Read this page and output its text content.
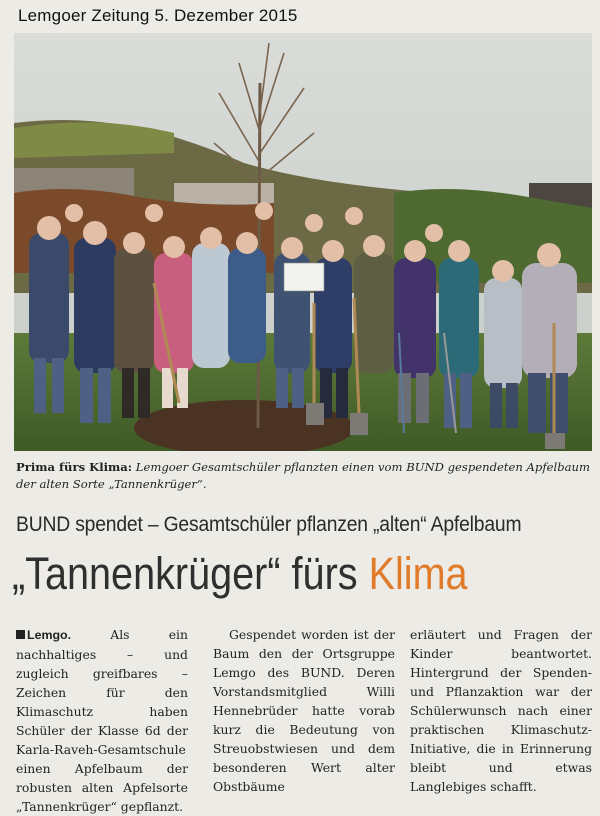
Lemgoer Zeitung 5. Dezember 2015
Prima fürs Klima: Lemgoer Gesamtschüler pflanzten einen vom BUND gespendeten Apfelbaum der alten Sorte „Tannenkrüger“.
BUND spendet – Gesamtschüler pflanzen „alten“ Apfelbaum
„Tannenkrüger“ fürs Klima

Lemgo. Als ein nachhaltiges – und zugleich greifbares – Zeichen für den Klimaschutz haben Schüler der Klasse 6d der Karla-Raveh-Gesamtschule einen Apfelbaum der robusten alten Apfelsorte „Tannenkrüger“ gepflanzt.

Gespendet worden ist der Baum den der Ortsgruppe Lemgo des BUND. Deren Vorstandsmitglied Willi Hennebrüder hatte vorab kurz die Bedeutung von Streuobstwiesen und dem besonderen Wert alter Obstbäume

erläutert und Fragen der Kinder beantwortet. Hintergrund der Spenden- und Pflanzaktion war der Schülerwunsch nach einer praktischen Klimaschutz-Initiative, die in Erinnerung bleibt und etwas Langlebiges schafft.
